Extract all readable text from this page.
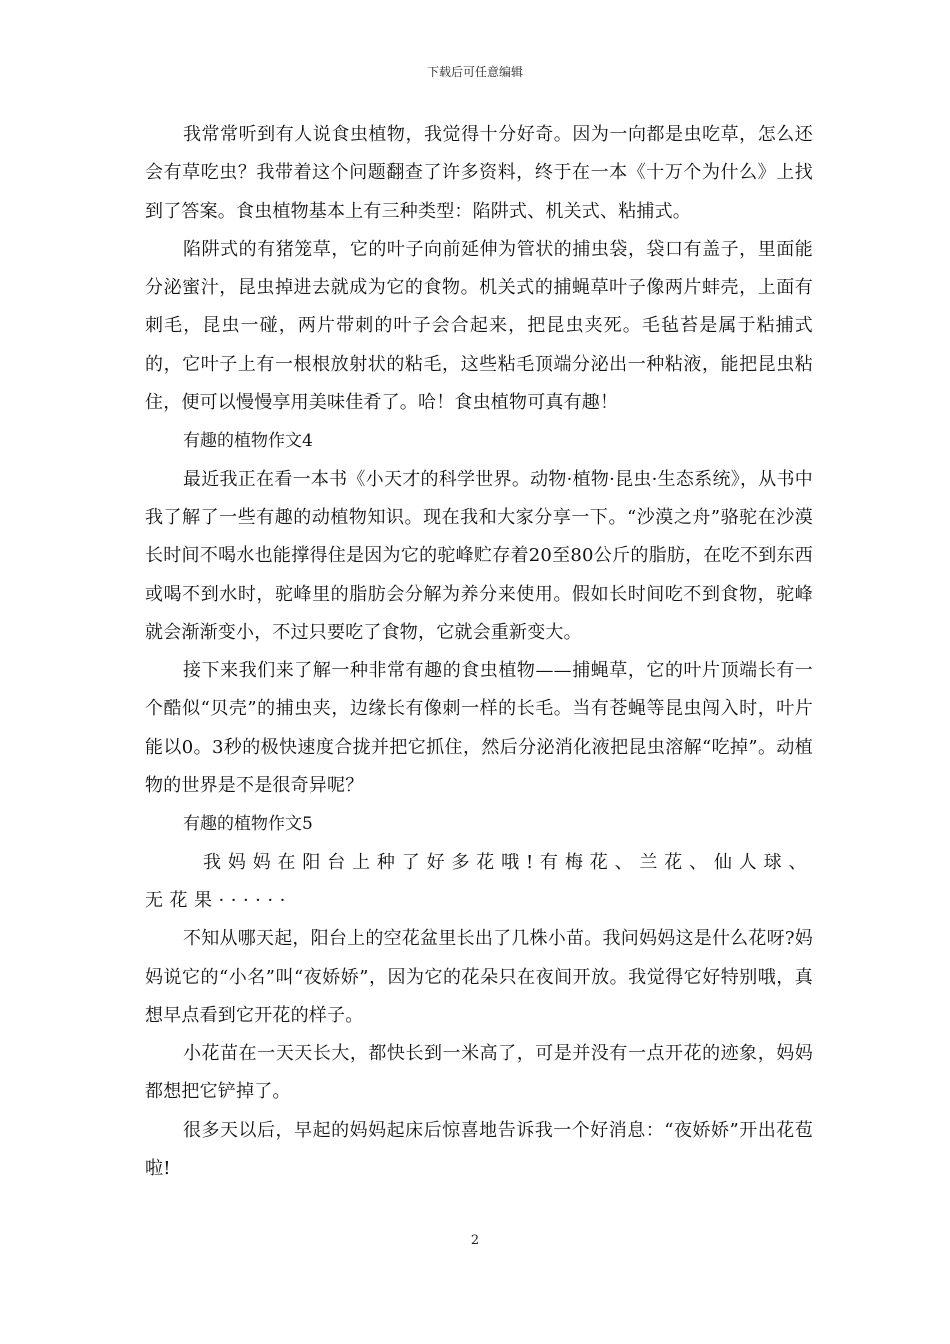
下载后可任意编辑

我常常听到有人说食虫植物，我觉得十分好奇。因为一向都是虫吃草，怎么还会有草吃虫？我带着这个问题翻查了许多资料，终于在一本《十万个为什么》上找到了答案。食虫植物基本上有三种类型：陷阱式、机关式、粘捕式。

陷阱式的有猪笼草，它的叶子向前延伸为管状的捕虫袋，袋口有盖子，里面能分泌蜜汁，昆虫掉进去就成为它的食物。机关式的捕蝇草叶子像两片蚌壳，上面有刺毛，昆虫一碰，两片带刺的叶子会合起来，把昆虫夹死。毛毡苔是属于粘捕式的，它叶子上有一根根放射状的粘毛，这些粘毛顶端分泌出一种粘液，能把昆虫粘住，便可以慢慢享用美味佳肴了。哈！食虫植物可真有趣！

有趣的植物作文4

最近我正在看一本书《小天才的科学世界。动物·植物·昆虫·生态系统》，从书中我了解了一些有趣的动植物知识。现在我和大家分享一下。“沙漠之舟”骆驼在沙漠长时间不喝水也能撑得住是因为它的驼峰贮存着20至80公斤的脂肪，在吃不到东西或喝不到水时，驼峰里的脂肪会分解为养分来使用。假如长时间吃不到食物，驼峰就会渐渐变小，不过只要吃了食物，它就会重新变大。

接下来我们来了解一种非常有趣的食虫植物——捕蝇草，它的叶片顶端长有一个酷似“贝壳”的捕虫夹，边缘长有像刺一样的长毛。当有苍蝇等昆虫闯入时，叶片能以0。3秒的极快速度合拢并把它抓住，然后分泌消化液把昆虫溶解“吃掉”。动植物的世界是不是很奇异呢？

有趣的植物作文5

我妈妈在阳台上种了好多花哦!有梅花、兰花、仙人球、无花果······

不知从哪天起，阳台上的空花盆里长出了几株小苗。我问妈妈这是什么花呀?妈妈说它的“小名”叫“夜娇娇”，因为它的花朵只在夜间开放。我觉得它好特别哦，真想早点看到它开花的样子。

小花苗在一天天长大，都快长到一米高了，可是并没有一点开花的迹象，妈妈都想把它铲掉了。

很多天以后，早起的妈妈起床后惊喜地告诉我一个好消息：“夜娇娇”开出花苞啦!

2
